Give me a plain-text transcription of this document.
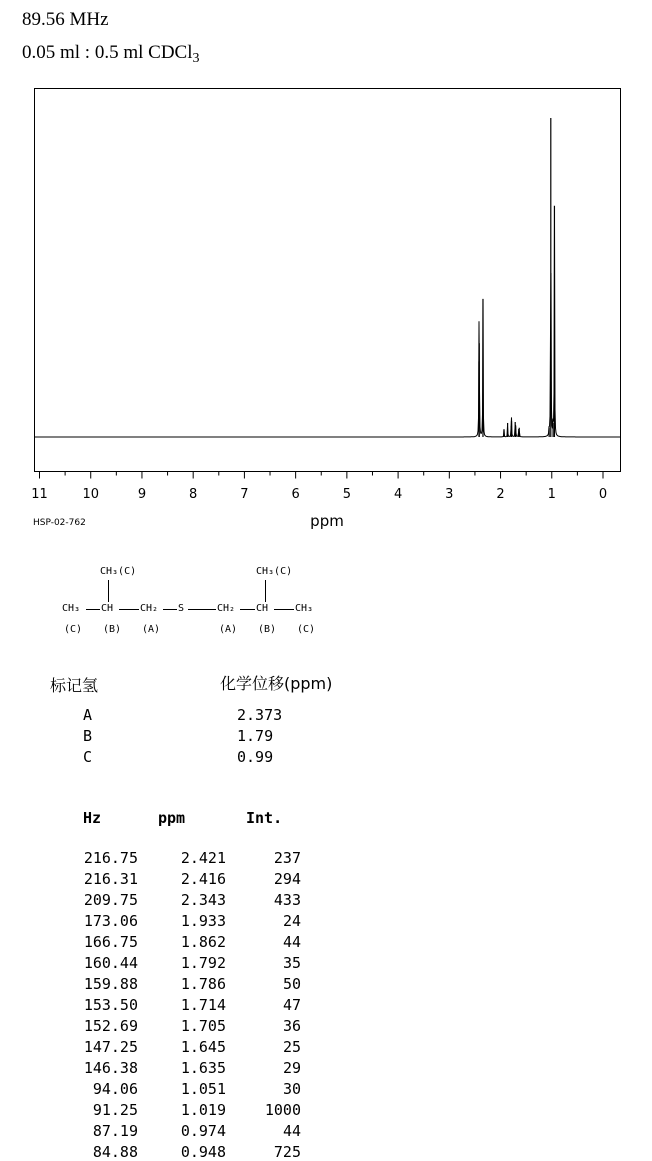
89.56 MHz
0.05 ml : 0.5 ml CDCl$_3$
11	10	9	8	7	6	5	4	3	2	1	0
ppm
HSP-02-762
CH₃(C)	CH₃(C)
CH₃ CH	CH₂ S	CH₂ CH	CH₃
(C) (B) (A)	(A) (B) (C)
标记氢	化学位移(ppm)
A	2.373
B	1.79
C	0.99
Hz	ppm	Int.
216.75	2.421	237
216.31	2.416	294
209.75	2.343	433
173.06	1.933	24
166.75	1.862	44
160.44	1.792	35
159.88	1.786	50
153.50	1.714	47
152.69	1.705	36
147.25	1.645	25
146.38	1.635	29
94.06	1.051	30
91.25	1.019	1000
87.19	0.974	44
84.88	0.948	725
